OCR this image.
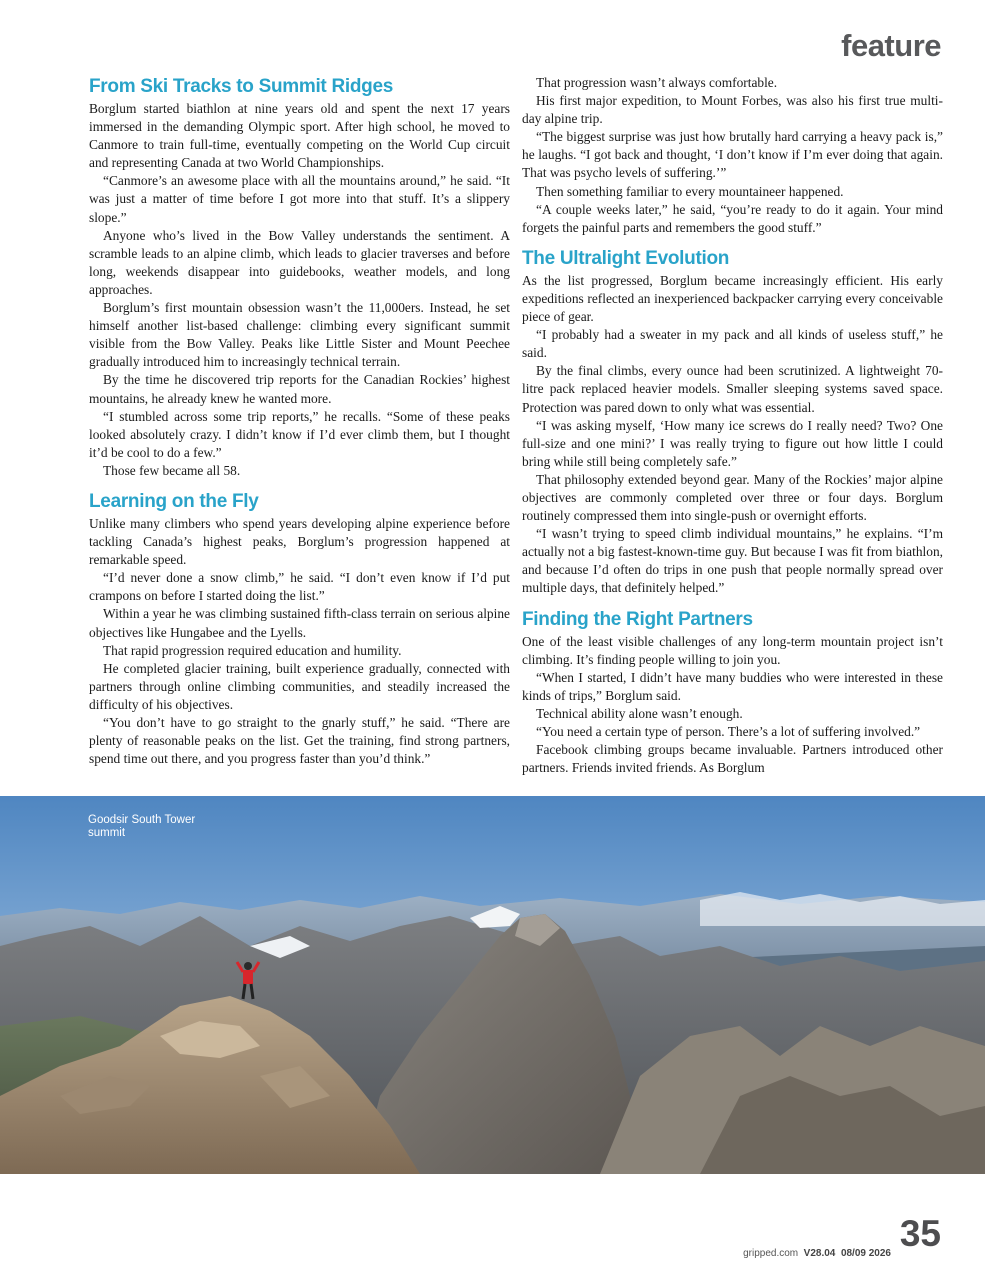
feature
From Ski Tracks to Summit Ridges

Borglum started biathlon at nine years old and spent the next 17 years immersed in the demanding Olympic sport. After high school, he moved to Canmore to train full-time, eventually competing on the World Cup circuit and representing Canada at two World Championships.

“Canmore’s an awesome place with all the mountains around,” he said. “It was just a matter of time before I got more into that stuff. It’s a slippery slope.”

Anyone who’s lived in the Bow Valley understands the sentiment. A scramble leads to an alpine climb, which leads to glacier traverses and before long, weekends disappear into guidebooks, weather models, and long approaches.

Borglum’s first mountain obsession wasn’t the 11,000ers. Instead, he set himself another list-based challenge: climbing every significant summit visible from the Bow Valley. Peaks like Little Sister and Mount Peechee gradually introduced him to increasingly technical terrain.

By the time he discovered trip reports for the Canadian Rockies’ highest mountains, he already knew he wanted more.

“I stumbled across some trip reports,” he recalls. “Some of these peaks looked absolutely crazy. I didn’t know if I’d ever climb them, but I thought it’d be cool to do a few.”

Those few became all 58.

Learning on the Fly

Unlike many climbers who spend years developing alpine experience before tackling Canada’s highest peaks, Borglum’s progression happened at remarkable speed.

“I’d never done a snow climb,” he said. “I don’t even know if I’d put crampons on before I started doing the list.”

Within a year he was climbing sustained fifth-class terrain on serious alpine objectives like Hungabee and the Lyells.

That rapid progression required education and humility.

He completed glacier training, built experience gradually, connected with partners through online climbing communities, and steadily increased the difficulty of his objectives.

“You don’t have to go straight to the gnarly stuff,” he said. “There are plenty of reasonable peaks on the list. Get the training, find strong partners, spend time out there, and you progress faster than you’d think.”

That progression wasn’t always comfortable.

His first major expedition, to Mount Forbes, was also his first true multi-day alpine trip.

“The biggest surprise was just how brutally hard carrying a heavy pack is,” he laughs. “I got back and thought, ‘I don’t know if I’m ever doing that again. That was psycho levels of suffering.’”

Then something familiar to every mountaineer happened.

“A couple weeks later,” he said, “you’re ready to do it again. Your mind forgets the painful parts and remembers the good stuff.”

The Ultralight Evolution

As the list progressed, Borglum became increasingly efficient. His early expeditions reflected an inexperienced backpacker carrying every conceivable piece of gear.

“I probably had a sweater in my pack and all kinds of useless stuff,” he said.

By the final climbs, every ounce had been scrutinized. A lightweight 70-litre pack replaced heavier models. Smaller sleeping systems saved space. Protection was pared down to only what was essential.

“I was asking myself, ‘How many ice screws do I really need? Two? One full-size and one mini?’ I was really trying to figure out how little I could bring while still being completely safe.”

That philosophy extended beyond gear. Many of the Rockies’ major alpine objectives are commonly completed over three or four days. Borglum routinely compressed them into single-push or overnight efforts.

“I wasn’t trying to speed climb individual mountains,” he explains. “I’m actually not a big fastest-known-time guy. But because I was fit from biathlon, and because I’d often do trips in one push that people normally spread over multiple days, that definitely helped.”

Finding the Right Partners

One of the least visible challenges of any long-term mountain project isn’t climbing. It’s finding people willing to join you.

“When I started, I didn’t have many buddies who were interested in these kinds of trips,” Borglum said.

Technical ability alone wasn’t enough.

“You need a certain type of person. There’s a lot of suffering involved.”

Facebook climbing groups became invaluable. Partners introduced other partners. Friends invited friends. As Borglum

Goodsir South Tower summit
gripped.com V28.04 08/09 2026 35
